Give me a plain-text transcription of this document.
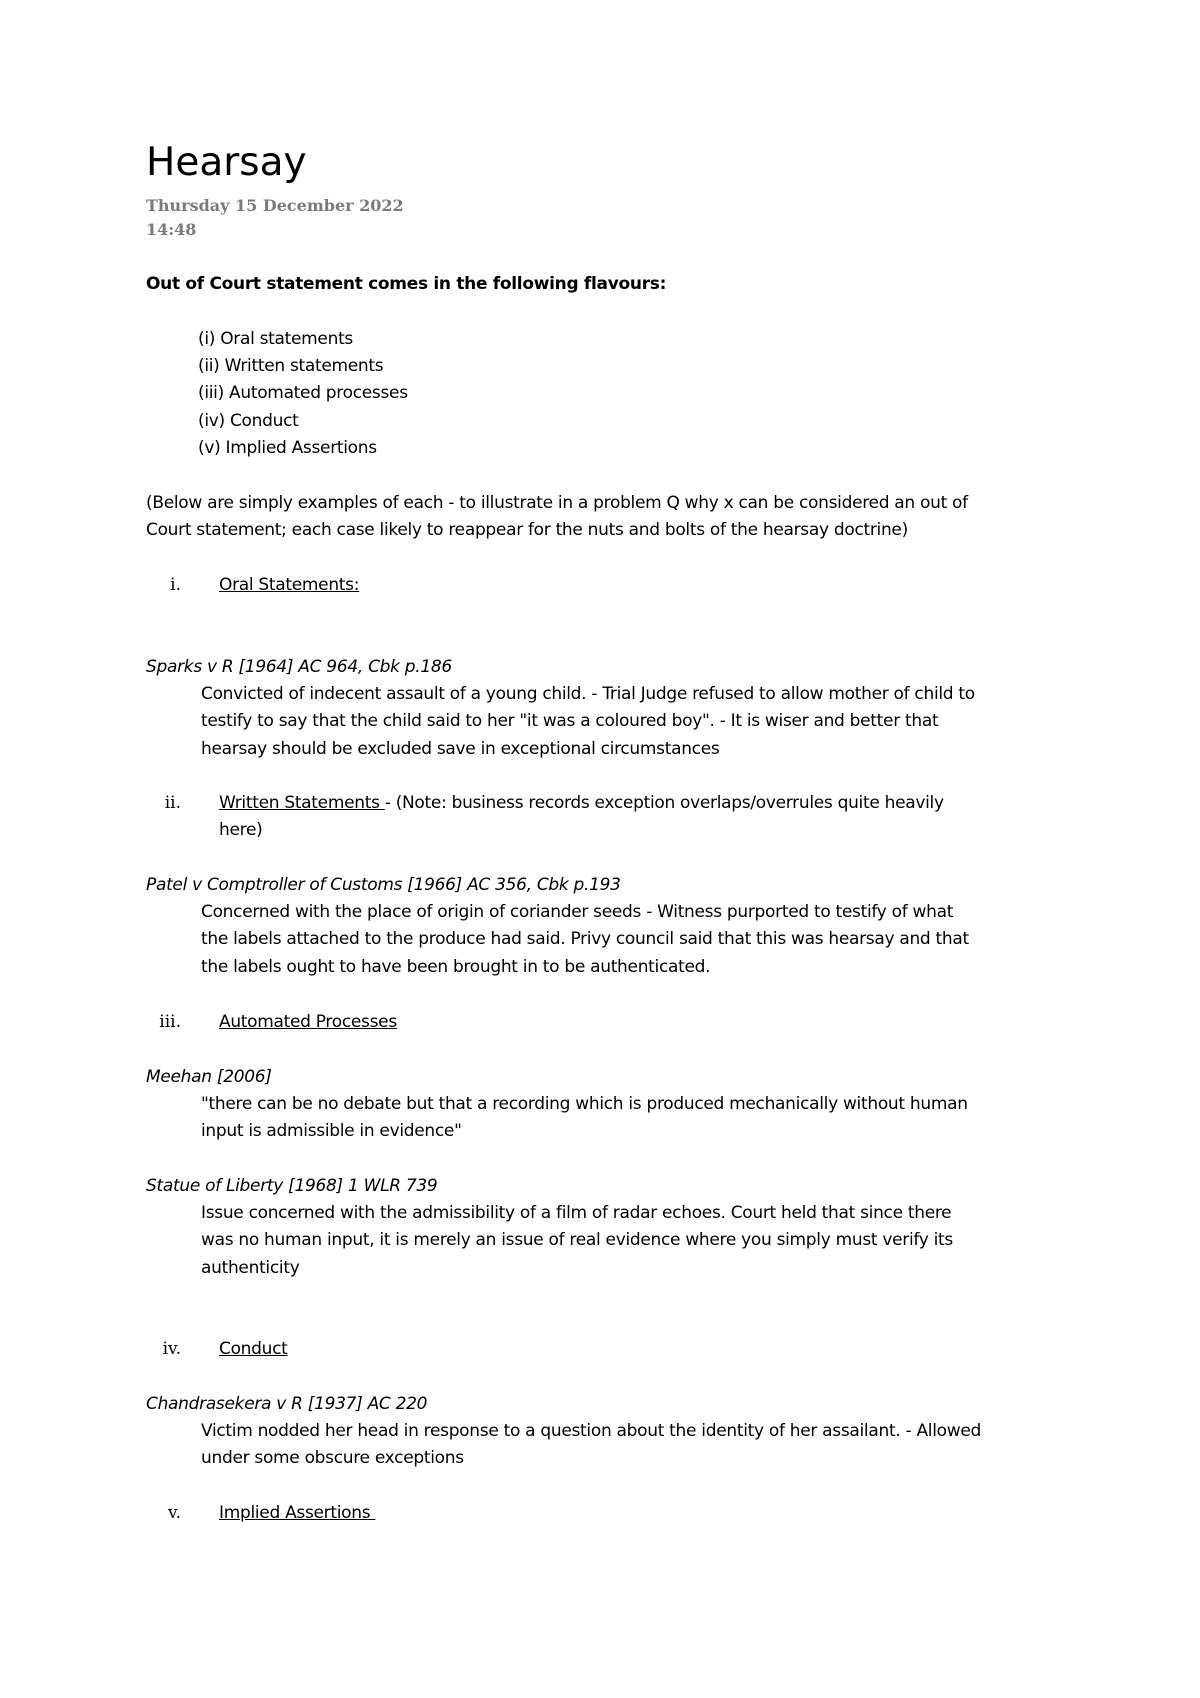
Hearsay
Thursday 15 December 2022
14:48
Out of Court statement comes in the following flavours:
(i) Oral statements
(ii) Written statements
(iii) Automated processes
(iv) Conduct
(v) Implied Assertions
(Below are simply examples of each - to illustrate in a problem Q why x can be considered an out of
Court statement; each case likely to reappear for the nuts and bolts of the hearsay doctrine)
i. Oral Statements:
Sparks v R [1964] AC 964, Cbk p.186
Convicted of indecent assault of a young child. - Trial Judge refused to allow mother of child to
testify to say that the child said to her "it was a coloured boy". - It is wiser and better that
hearsay should be excluded save in exceptional circumstances
ii. Written Statements - (Note: business records exception overlaps/overrules quite heavily
here)
Patel v Comptroller of Customs [1966] AC 356, Cbk p.193
Concerned with the place of origin of coriander seeds - Witness purported to testify of what
the labels attached to the produce had said. Privy council said that this was hearsay and that
the labels ought to have been brought in to be authenticated.
iii. Automated Processes
Meehan [2006]
"there can be no debate but that a recording which is produced mechanically without human
input is admissible in evidence"
Statue of Liberty [1968] 1 WLR 739
Issue concerned with the admissibility of a film of radar echoes. Court held that since there
was no human input, it is merely an issue of real evidence where you simply must verify its
authenticity
iv. Conduct
Chandrasekera v R [1937] AC 220
Victim nodded her head in response to a question about the identity of her assailant. - Allowed
under some obscure exceptions
v. Implied Assertions
